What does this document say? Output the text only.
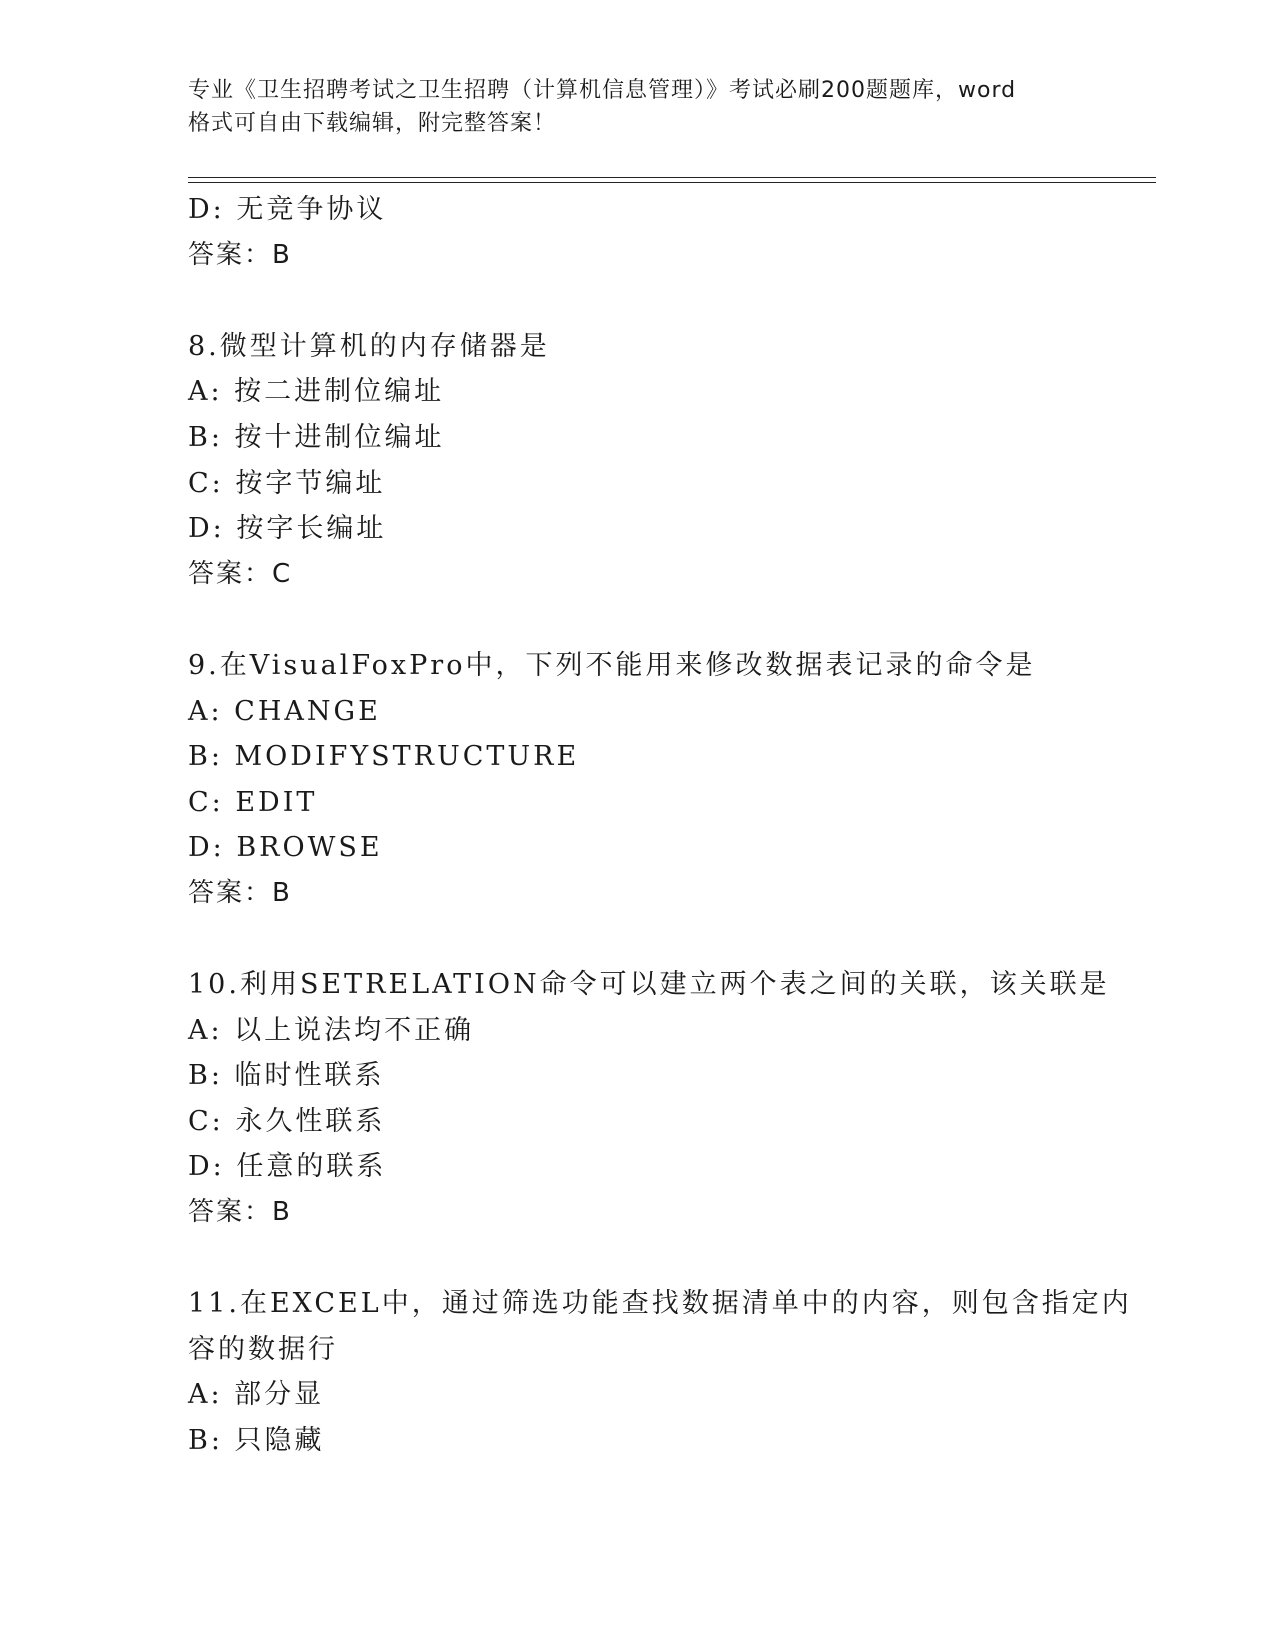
专业《卫生招聘考试之卫生招聘（计算机信息管理）》考试必刷200题题库，word
格式可自由下载编辑，附完整答案！
D: 无竞争协议
答案：B
8.微型计算机的内存储器是
A: 按二进制位编址
B: 按十进制位编址
C: 按字节编址
D: 按字长编址
答案：C
9.在VisualFoxPro中，下列不能用来修改数据表记录的命令是
A: CHANGE
B: MODIFYSTRUCTURE
C: EDIT
D: BROWSE
答案：B
10.利用SETRELATION命令可以建立两个表之间的关联，该关联是
A: 以上说法均不正确
B: 临时性联系
C: 永久性联系
D: 任意的联系
答案：B
11.在EXCEL中，通过筛选功能查找数据清单中的内容，则包含指定内
容的数据行
A: 部分显
B: 只隐藏
